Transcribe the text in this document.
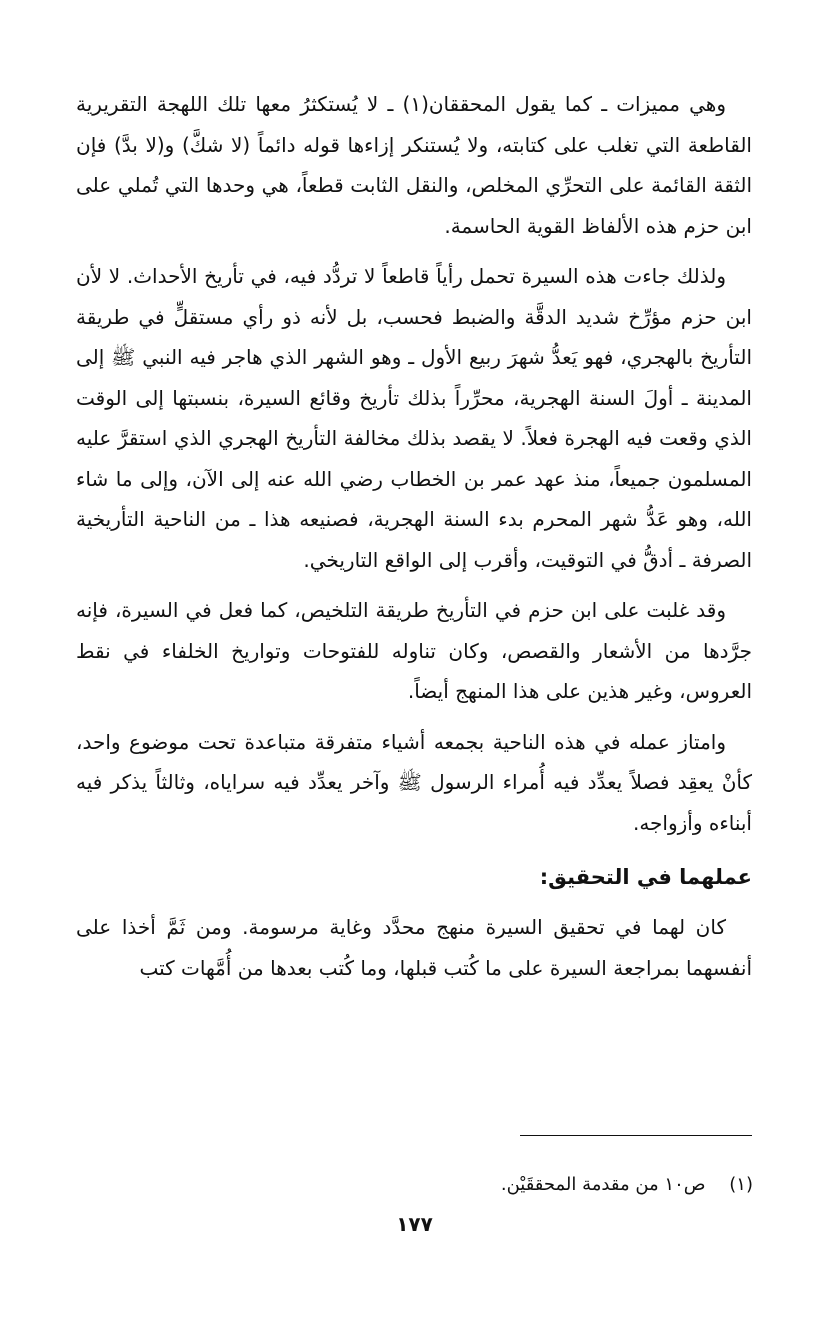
وهي مميزات ـ كما يقول المحققان(١) ـ لا يُستكثرُ معها تلك اللهجة التقريرية القاطعة التي تغلب على كتابته، ولا يُستنكر إزاءها قوله دائماً (لا شكَّ) و(لا بدَّ) فإن الثقة القائمة على التحرِّي المخلص، والنقل الثابت قطعاً، هي وحدها التي تُملي على ابن حزم هذه الألفاظ القوية الحاسمة.

ولذلك جاءت هذه السيرة تحمل رأياً قاطعاً لا تردُّد فيه، في تأريخ الأحداث. لا لأن ابن حزم مؤرِّخ شديد الدقَّة والضبط فحسب، بل لأنه ذو رأي مستقلٍّ في طريقة التأريخ بالهجري، فهو يَعدُّ شهرَ ربيع الأول ـ وهو الشهر الذي هاجر فيه النبي ﷺ إلى المدينة ـ أولَ السنة الهجرية، محرِّراً بذلك تأريخ وقائع السيرة، بنسبتها إلى الوقت الذي وقعت فيه الهجرة فعلاً. لا يقصد بذلك مخالفة التأريخ الهجري الذي استقرَّ عليه المسلمون جميعاً، منذ عهد عمر بن الخطاب رضي الله عنه إلى الآن، وإلى ما شاء الله، وهو عَدُّ شهر المحرم بدء السنة الهجرية، فصنيعه هذا ـ من الناحية التأريخية الصرفة ـ أدقُّ في التوقيت، وأقرب إلى الواقع التاريخي.

وقد غلبت على ابن حزم في التأريخ طريقة التلخيص، كما فعل في السيرة، فإنه جرَّدها من الأشعار والقصص، وكان تناوله للفتوحات وتواريخ الخلفاء في نقط العروس، وغير هذين على هذا المنهج أيضاً.

وامتاز عمله في هذه الناحية بجمعه أشياء متفرقة متباعدة تحت موضوع واحد، كأنْ يعقِد فصلاً يعدِّد فيه أُمراء الرسول ﷺ وآخر يعدِّد فيه سراياه، وثالثاً يذكر فيه أبناءه وأزواجه.

عملهما في التحقيق:

كان لهما في تحقيق السيرة منهج محدَّد وغاية مرسومة. ومن ثَمَّ أخذا على أنفسهما بمراجعة السيرة على ما كُتب قبلها، وما كُتب بعدها من أُمَّهات كتب

(١) ص١٠ من مقدمة المحققَيْن.
١٧٧
